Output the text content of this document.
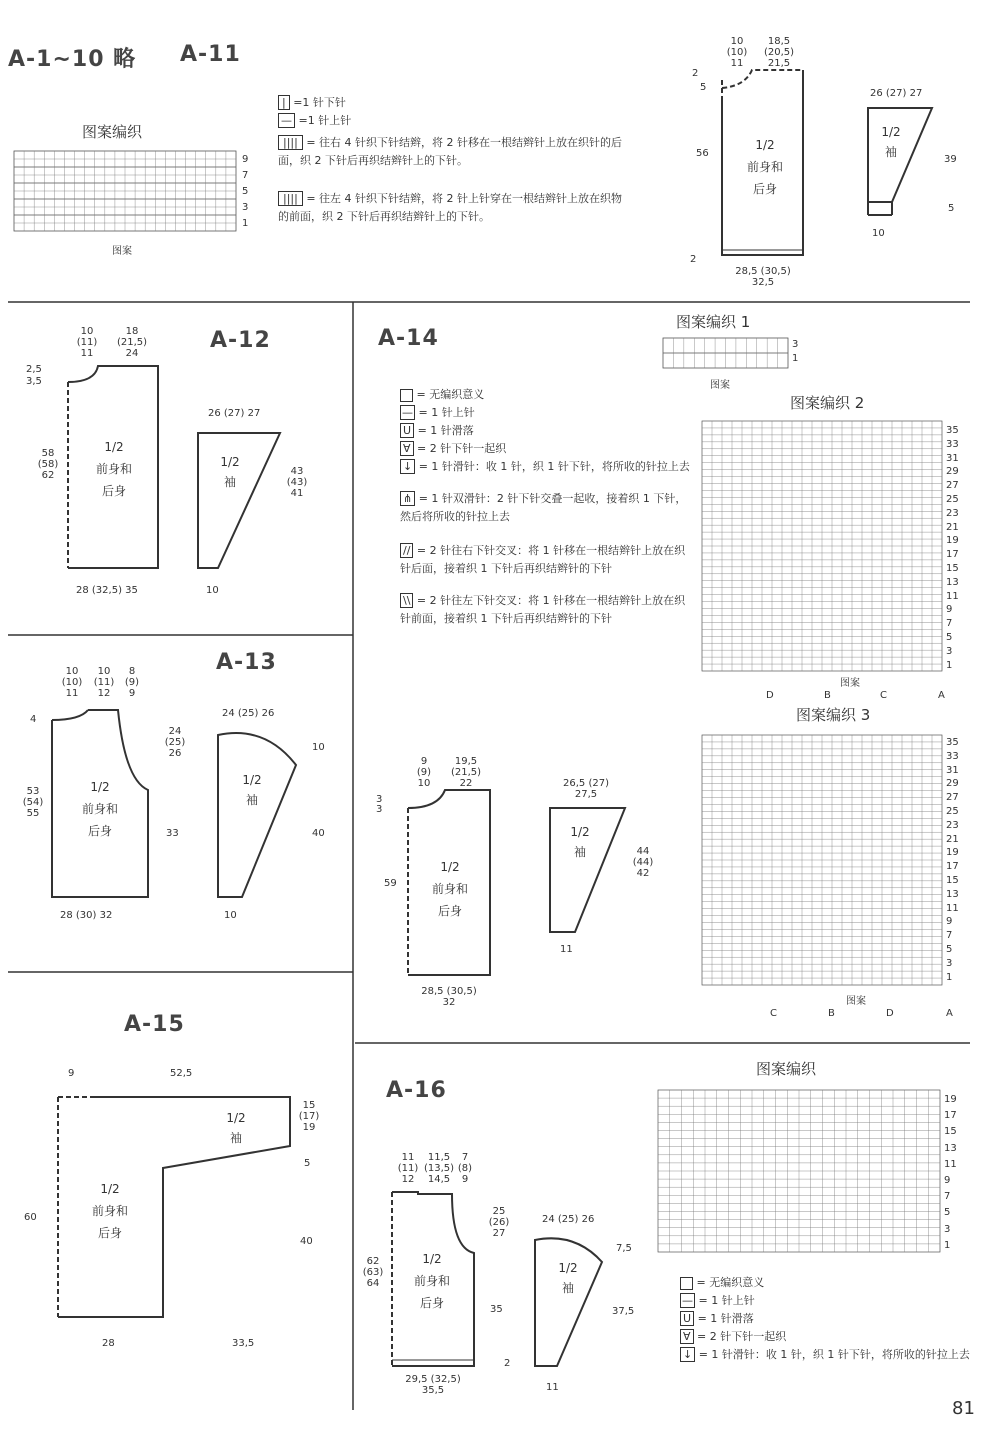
A-1~10 略 A-11
图案编织
图案
9
7
5
3
1
| =1 针下针
— =1 针上针
|||| = 往右 4 针织下针结辫，将 2 针移在一根结辫针上放在织针的后面，织 2 下针后再织结辫针上的下针。
|||| = 往左 4 针织下针结辫，将 2 针上针穿在一根结辫针上放在织物的前面，织 2 下针后再织结辫针上的下针。
10
(10)
11
18,5
(20,5)
21,5
2
5
56
1/2
前身和
后身
2
28,5 (30,5)
32,5
26 (27) 27
1/2
袖
39
5
10
A-12
10
(11)
11
18
(21,5)
24
2,5
3,5
58
(58)
62
1/2
前身和
后身
28 (32,5) 35
26 (27) 27
1/2
袖
43
(43)
41
10
A-13
10
(10)
11
10
(11)
12
8
(9)
9
4
24
(25)
26
53
(54)
55
33
1/2
前身和
后身
28 (30) 32
24 (25) 26
10
1/2
袖
40
10
A-14
= 无编织意义
— = 1 针上针
U = 1 针滑落
∀ = 2 针下针一起织
↓ = 1 针滑针：收 1 针，织 1 针下针，将所收的针拉上去
⋔ = 1 针双滑针：2 针下针交叠一起收，接着织 1 下针，然后将所收的针拉上去
// = 2 针往右下针交叉：将 1 针移在一根结辫针上放在织针后面，接着织 1 下针后再织结辫针的下针
\\ = 2 针往左下针交叉：将 1 针移在一根结辫针上放在织针前面，接着织 1 下针后再织结辫针的下针
图案编织 1
图案
3
1
图案编织 2
35
33
31
29
27
25
23
21
19
17
15
13
11
9
7
5
3
1
图案
D	B	C	A
图案编织 3
35
33
31
29
27
25
23
21
19
17
15
13
11
9
7
5
3
1
图案
C	B	D	A
9
(9)
10
19,5
(21,5)
22
3
3
59
1/2
前身和
后身
28,5 (30,5)
32
26,5 (27)
27,5
1/2
袖	44
(44)
42
11
A-15
9	52,5
15
(17)
19
5
1/2
袖
60
40
1/2
前身和
后身
28	33,5
A-16
图案编织
19
17
15
13
11
9
7
5
3
1
= 无编织意义
— = 1 针上针
U = 1 针滑落
∀ = 2 针下针一起织
↓ = 1 针滑针：收 1 针，织 1 针下针，将所收的针拉上去
11
(11)
12
11,5
(13,5)
14,5
7
(8)
9
25
(26)
27
62
(63)
64
35
1/2
前身和
后身
2
29,5 (32,5)
35,5
24 (25) 26
7,5
1/2
袖
37,5
11
81
